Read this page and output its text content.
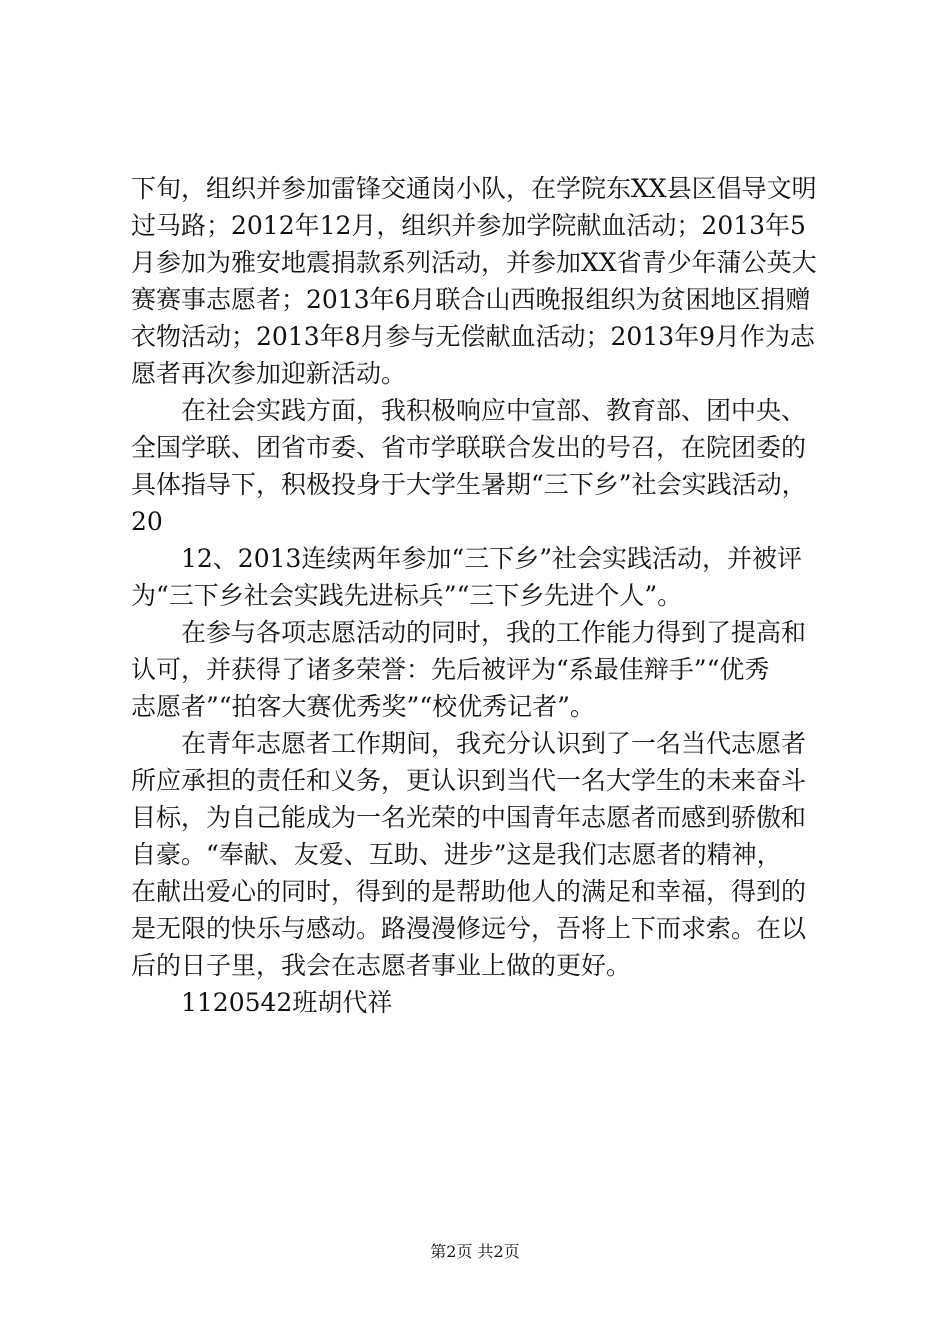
下旬，组织并参加雷锋交通岗小队，在学院东XX县区倡导文明
过马路；2012年12月，组织并参加学院献血活动；2013年5
月参加为雅安地震捐款系列活动，并参加XX省青少年蒲公英大
赛赛事志愿者；2013年6月联合山西晚报组织为贫困地区捐赠
衣物活动；2013年8月参与无偿献血活动；2013年9月作为志
愿者再次参加迎新活动。
在社会实践方面，我积极响应中宣部、教育部、团中央、
全国学联、团省市委、省市学联联合发出的号召，在院团委的
具体指导下，积极投身于大学生暑期“三下乡”社会实践活动，
20
12、2013连续两年参加“三下乡”社会实践活动，并被评
为“三下乡社会实践先进标兵”“三下乡先进个人”。
在参与各项志愿活动的同时，我的工作能力得到了提高和
认可，并获得了诸多荣誉：先后被评为“系最佳辩手”“优秀
志愿者”“拍客大赛优秀奖”“校优秀记者”。
在青年志愿者工作期间，我充分认识到了一名当代志愿者
所应承担的责任和义务，更认识到当代一名大学生的未来奋斗
目标，为自己能成为一名光荣的中国青年志愿者而感到骄傲和
自豪。“奉献、友爱、互助、进步”这是我们志愿者的精神，
在献出爱心的同时，得到的是帮助他人的满足和幸福，得到的
是无限的快乐与感动。路漫漫修远兮，吾将上下而求索。在以
后的日子里，我会在志愿者事业上做的更好。
1120542班胡代祥
第2页 共2页
